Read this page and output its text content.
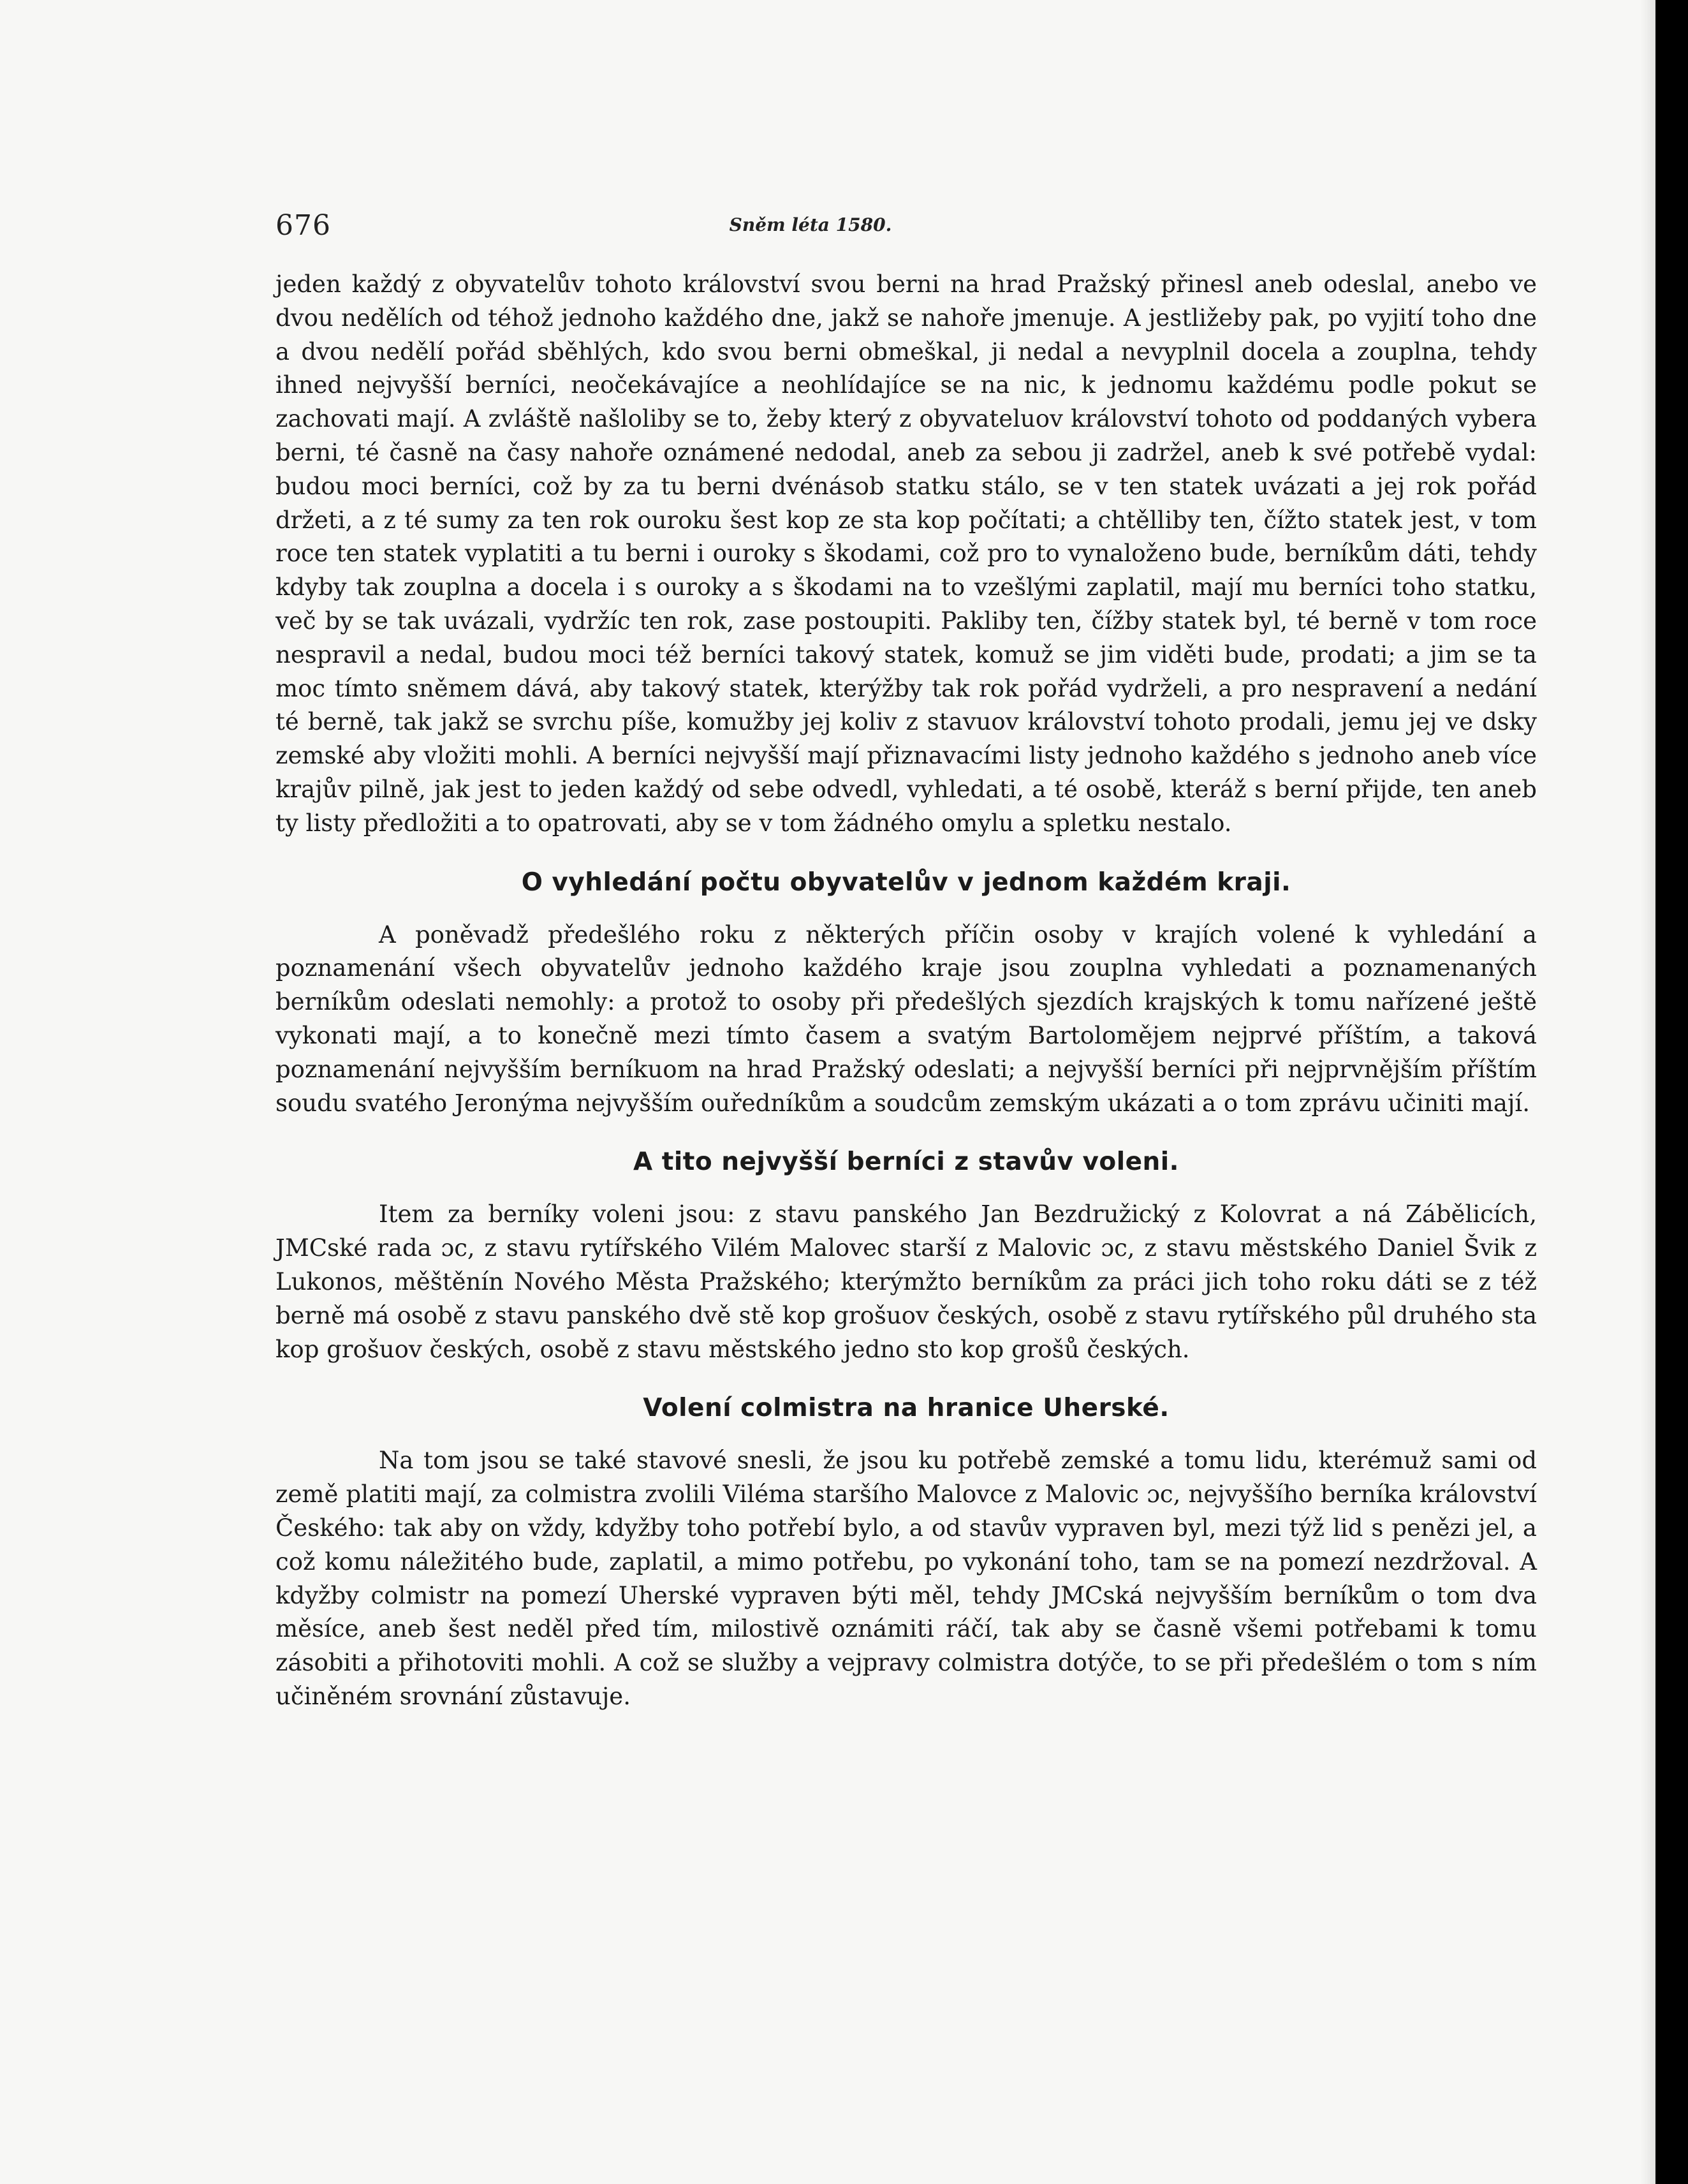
676	Sněm léta 1580.

jeden každý z obyvatelův tohoto království svou berni na hrad Pražský přinesl aneb odeslal, anebo ve dvou nedělích od téhož jednoho každého dne, jakž se nahoře jmenuje. A jestližeby pak, po vyjití toho dne a dvou nedělí pořád sběhlých, kdo svou berni obmeškal, ji nedal a nevyplnil docela a zouplna, tehdy ihned nejvyšší berníci, neočekávajíce a neohlídajíce se na nic, k jednomu každému podle pokut se zachovati mají. A zvláště našloliby se to, žeby který z obyvateluov království tohoto od poddaných vybera berni, té časně na časy nahoře oznámené nedodal, aneb za sebou ji zadržel, aneb k své potřebě vydal: budou moci berníci, což by za tu berni dvénásob statku stálo, se v ten statek uvázati a jej rok pořád držeti, a z té sumy za ten rok ouroku šest kop ze sta kop počítati; a chtělliby ten, čížto statek jest, v tom roce ten statek vyplatiti a tu berni i ouroky s škodami, což pro to vynaloženo bude, berníkům dáti, tehdy kdyby tak zouplna a docela i s ouroky a s škodami na to vzešlými zaplatil, mají mu berníci toho statku, več by se tak uvázali, vydržíc ten rok, zase postoupiti. Pakliby ten, čížby statek byl, té berně v tom roce nespravil a nedal, budou moci též berníci takový statek, komuž se jim viděti bude, prodati; a jim se ta moc tímto sněmem dává, aby takový statek, kterýžby tak rok pořád vydrželi, a pro nespravení a nedání té berně, tak jakž se svrchu píše, komužby jej koliv z stavuov království tohoto prodali, jemu jej ve dsky zemské aby vložiti mohli. A berníci nejvyšší mají přiznavacími listy jednoho každého s jednoho aneb více krajův pilně, jak jest to jeden každý od sebe odvedl, vyhledati, a té osobě, kteráž s berní přijde, ten aneb ty listy předložiti a to opatrovati, aby se v tom žádného omylu a spletku nestalo.

O vyhledání počtu obyvatelův v jednom každém kraji.

A poněvadž předešlého roku z některých příčin osoby v krajích volené k vyhledání a poznamenání všech obyvatelův jednoho každého kraje jsou zouplna vyhledati a poznamenaných berníkům odeslati nemohly: a protož to osoby při předešlých sjezdích krajských k tomu nařízené ještě vykonati mají, a to konečně mezi tímto časem a svatým Bartolomějem nejprvé příštím, a taková poznamenání nejvyšším berníkuom na hrad Pražský odeslati; a nejvyšší berníci při nejprvnějším příštím soudu svatého Jeronýma nejvyšším ouředníkům a soudcům zemským ukázati a o tom zprávu učiniti mají.

A tito nejvyšší berníci z stavův voleni.

Item za berníky voleni jsou: z stavu panského Jan Bezdružický z Kolovrat a ná Zábělicích, JMCské rada ɔc, z stavu rytířského Vilém Malovec starší z Malovic ɔc, z stavu městského Daniel Švik z Lukonos, měštěnín Nového Města Pražského; kterýmžto berníkům za práci jich toho roku dáti se z též berně má osobě z stavu panského dvě stě kop grošuov českých, osobě z stavu rytířského půl druhého sta kop grošuov českých, osobě z stavu městského jedno sto kop grošů českých.

Volení colmistra na hranice Uherské.

Na tom jsou se také stavové snesli, že jsou ku potřebě zemské a tomu lidu, kterémuž sami od země platiti mají, za colmistra zvolili Viléma staršího Malovce z Malovic ɔc, nejvyššího berníka království Českého: tak aby on vždy, kdyžby toho potřebí bylo, a od stavův vypraven byl, mezi týž lid s penězi jel, a což komu náležitého bude, zaplatil, a mimo potřebu, po vykonání toho, tam se na pomezí nezdržoval. A kdyžby colmistr na pomezí Uherské vypraven býti měl, tehdy JMCská nejvyšším berníkům o tom dva měsíce, aneb šest neděl před tím, milostivě oznámiti ráčí, tak aby se časně všemi potřebami k tomu zásobiti a přihotoviti mohli. A což se služby a vejpravy colmistra dotýče, to se při předešlém o tom s ním učiněném srovnání zůstavuje.
